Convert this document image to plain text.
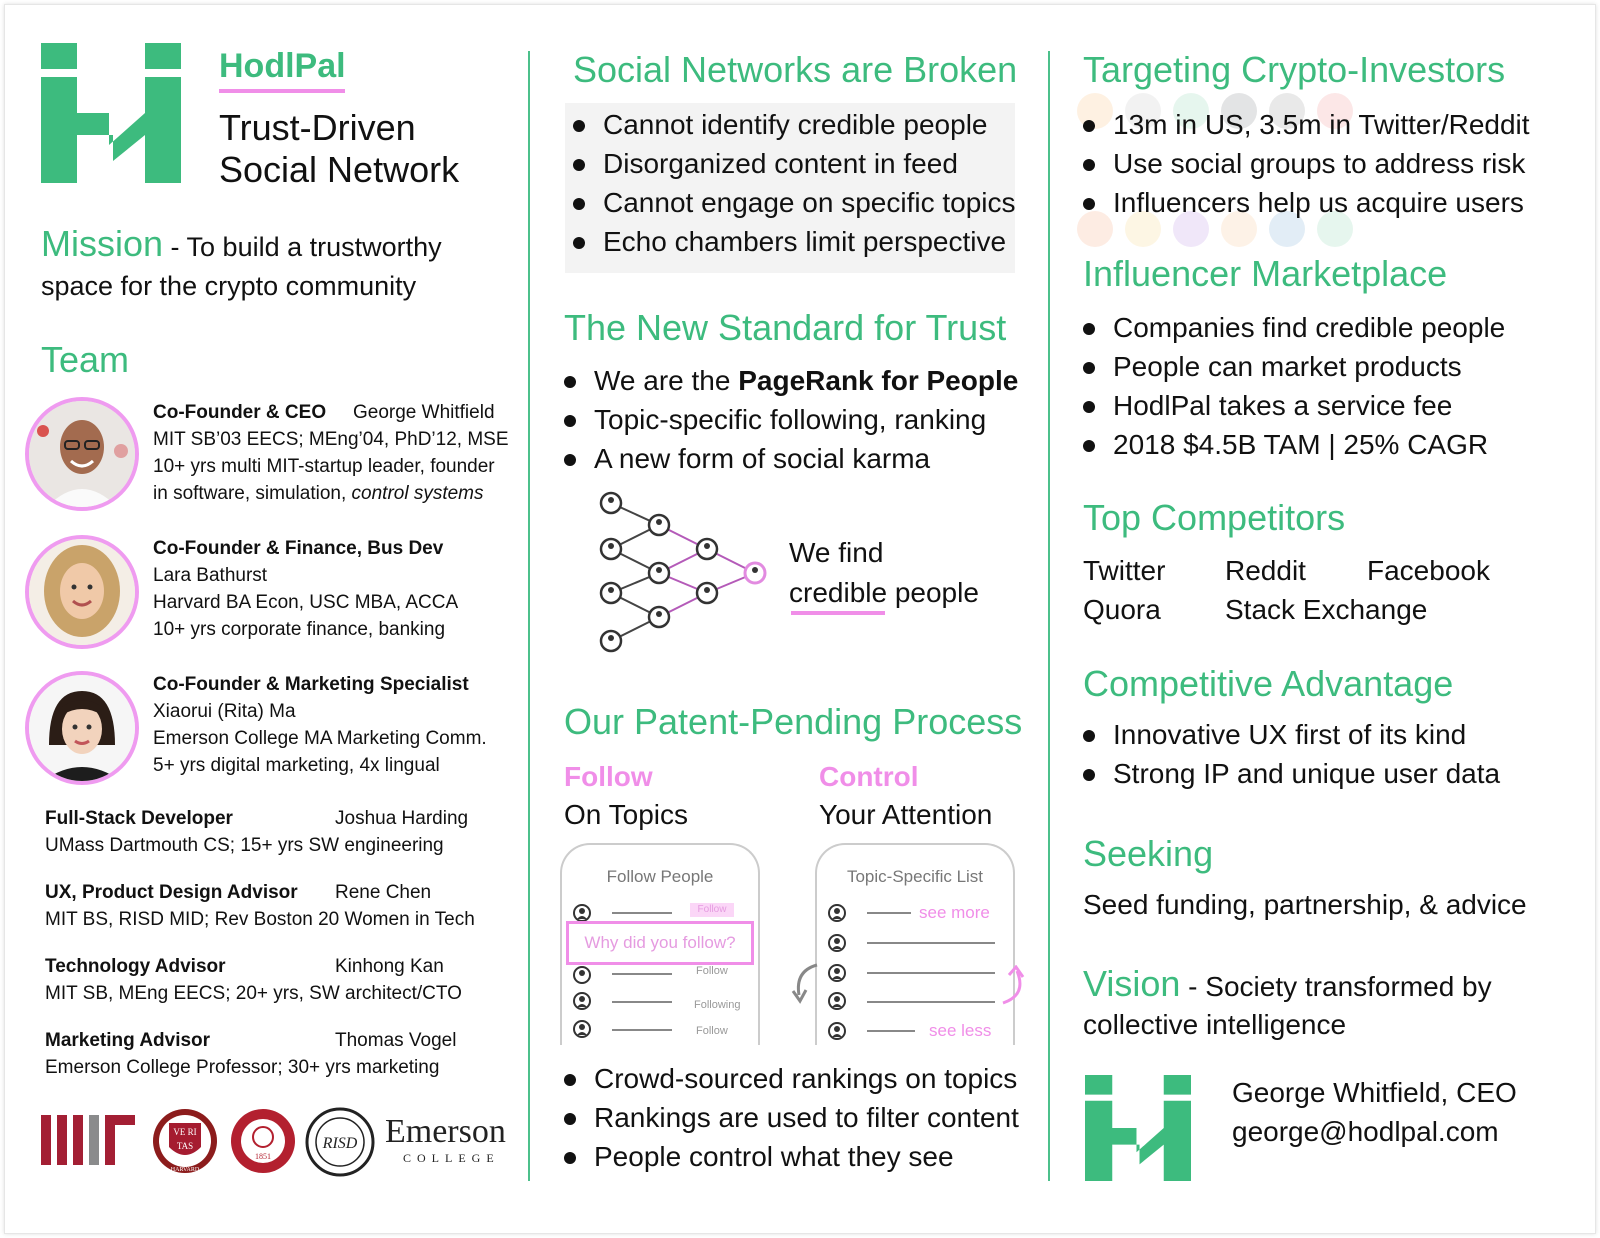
HodlPal
Trust-Driven
Social Network
Mission - To build a trustworthy
space for the crypto community
Team
Co-Founder & CEO George Whitfield
MIT SB’03 EECS; MEng’04, PhD’12, MSE
10+ yrs multi MIT-startup leader, founder
in software, simulation, control systems
Co-Founder & Finance, Bus Dev
Lara Bathurst
Harvard BA Econ, USC MBA, ACCA
10+ yrs corporate finance, banking
Co-Founder & Marketing Specialist
Xiaorui (Rita) Ma
Emerson College MA Marketing Comm.
5+ yrs digital marketing, 4x lingual
Full-Stack Developer	Joshua Harding
UMass Dartmouth CS; 15+ yrs SW engineering
UX, Product Design Advisor	Rene Chen
MIT BS, RISD MID; Rev Boston 20 Women in Tech
Technology Advisor	Kinhong Kan
MIT SB, MEng EECS; 20+ yrs, SW architect/CTO
Marketing Advisor	Thomas Vogel
Emerson College Professor; 30+ yrs marketing
VE RI
TAS
HARVARD
1851
RISD Emerson
COLLEGE
Social Networks are Broken
Cannot identify credible people
Disorganized content in feed
Cannot engage on specific topics
Echo chambers limit perspective
The New Standard for Trust
We are the PageRank for People
Topic-specific following, ranking
A new form of social karma
We find
credible people
Our Patent-Pending Process
Follow
On Topics
Control
Your Attention
Follow People
Follow
Why did you follow?
Follow
Following
Follow
Topic-Specific List
see more
see less
Crowd-sourced rankings on topics
Rankings are used to filter content
People control what they see
Targeting Crypto-Investors
13m in US, 3.5m in Twitter/Reddit
Use social groups to address risk
Influencers help us acquire users
Influencer Marketplace
Companies find credible people
People can market products
HodlPal takes a service fee
2018 $4.5B TAM | 25% CAGR
Top Competitors
Twitter Reddit Facebook
Quora Stack Exchange
Competitive Advantage
Innovative UX first of its kind
Strong IP and unique user data
Seeking
Seed funding, partnership, & advice
Vision - Society transformed by
collective intelligence
George Whitfield, CEO
george@hodlpal.com
